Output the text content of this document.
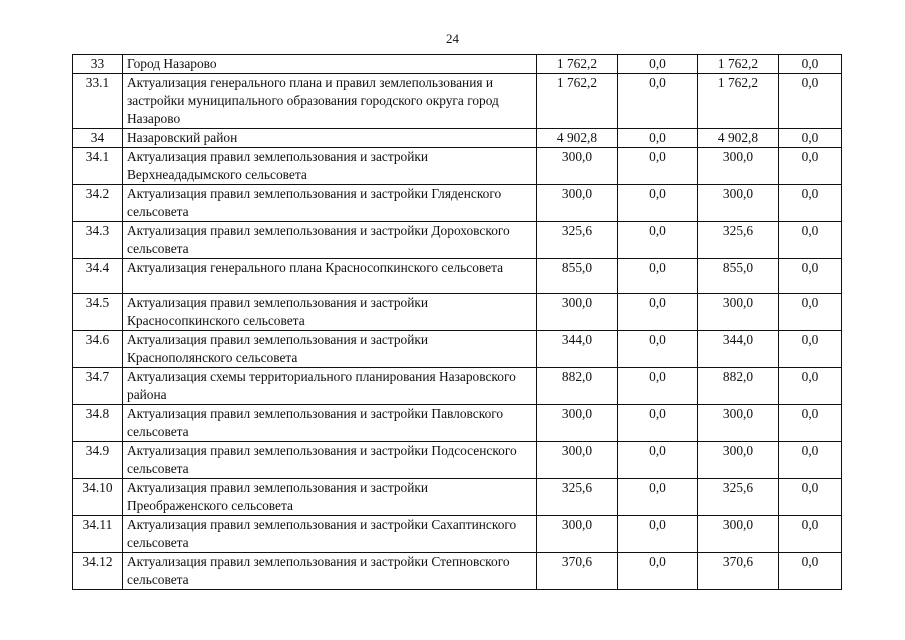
24
33	Город Назарово	1 762,2	0,0	1 762,2	0,0
33.1	Актуализация генерального плана и правил землепользования и застройки муниципального образования городского округа город Назарово	1 762,2	0,0	1 762,2	0,0
34	Назаровский район	4 902,8	0,0	4 902,8	0,0
34.1	Актуализация правил землепользования и застройки Верхнеададымского сельсовета	300,0	0,0	300,0	0,0
34.2	Актуализация правил землепользования и застройки Гляденского сельсовета	300,0	0,0	300,0	0,0
34.3	Актуализация правил землепользования и застройки Дороховского сельсовета	325,6	0,0	325,6	0,0
34.4	Актуализация генерального плана Красносопкинского сельсовета	855,0	0,0	855,0	0,0
34.5	Актуализация правил землепользования и застройки Красносопкинского сельсовета	300,0	0,0	300,0	0,0
34.6	Актуализация правил землепользования и застройки Краснополянского сельсовета	344,0	0,0	344,0	0,0
34.7	Актуализация схемы территориального планирования Назаровского района	882,0	0,0	882,0	0,0
34.8	Актуализация правил землепользования и застройки Павловского сельсовета	300,0	0,0	300,0	0,0
34.9	Актуализация правил землепользования и застройки Подсосенского сельсовета	300,0	0,0	300,0	0,0
34.10	Актуализация правил землепользования и застройки Преображенского сельсовета	325,6	0,0	325,6	0,0
34.11	Актуализация правил землепользования и застройки Сахаптинского сельсовета	300,0	0,0	300,0	0,0
34.12	Актуализация правил землепользования и застройки Степновского сельсовета	370,6	0,0	370,6	0,0
